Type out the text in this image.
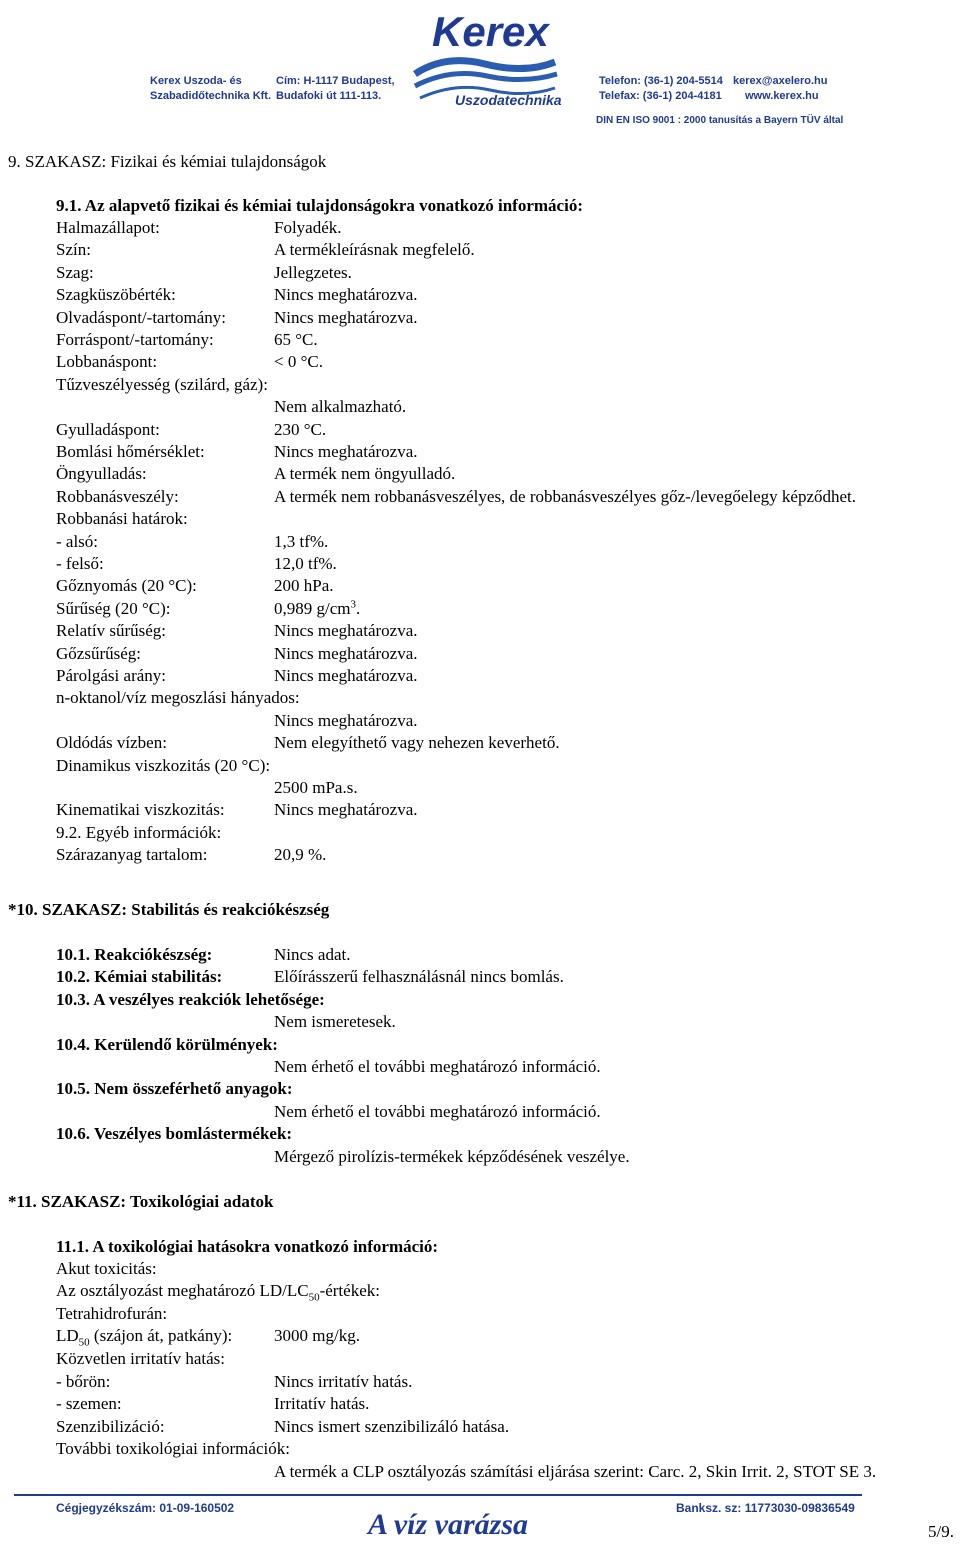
Kerex
Uszodatechnika
Kerex Uszoda- és
Szabadidőtechnika Kft.
Cím: H-1117 Budapest,
Budafoki út 111-113.
Telefon: (36-1) 204-5514
Telefax: (36-1) 204-4181
kerex@axelero.hu
www.kerex.hu
DIN EN ISO 9001 : 2000 tanusítás a Bayern TÜV által
9. SZAKASZ: Fizikai és kémiai tulajdonságok
9.1. Az alapvető fizikai és kémiai tulajdonságokra vonatkozó információ:
Halmazállapot:	Folyadék.
Szín:	A termékleírásnak megfelelő.
Szag:	Jellegzetes.
Szagküszöbérték:	Nincs meghatározva.
Olvadáspont/-tartomány:	Nincs meghatározva.
Forráspont/-tartomány:	65 °C.
Lobbanáspont:	< 0 °C.
Tűzveszélyesség (szilárd, gáz):
Nem alkalmazható.
Gyulladáspont:	230 °C.
Bomlási hőmérséklet:	Nincs meghatározva.
Öngyulladás:	A termék nem öngyulladó.
Robbanásveszély:	A termék nem robbanásveszélyes, de robbanásveszélyes gőz-/levegőelegy képződhet.
Robbanási határok:
- alsó:	1,3 tf%.
- felső:	12,0 tf%.
Gőznyomás (20 °C):	200 hPa.
Sűrűség (20 °C):	0,989 $g/cm^3$.
Relatív sűrűség:	Nincs meghatározva.
Gőzsűrűség:	Nincs meghatározva.
Párolgási arány:	Nincs meghatározva.
n-oktanol/víz megoszlási hányados:
Nincs meghatározva.
Oldódás vízben:	Nem elegyíthető vagy nehezen keverhető.
Dinamikus viszkozitás (20 °C):
2500 mPa.s.
Kinematikai viszkozitás:	Nincs meghatározva.
9.2. Egyéb információk:
Szárazanyag tartalom:	20,9 %.
*10. SZAKASZ: Stabilitás és reakciókészség
10.1. Reakciókészség:	Nincs adat.
10.2. Kémiai stabilitás:	Előírásszerű felhasználásnál nincs bomlás.
10.3. A veszélyes reakciók lehetősége:
Nem ismeretesek.
10.4. Kerülendő körülmények:
Nem érhető el további meghatározó információ.
10.5. Nem összeférhető anyagok:
Nem érhető el további meghatározó információ.
10.6. Veszélyes bomlástermékek:
Mérgező pirolízis-termékek képződésének veszélye.
*11. SZAKASZ: Toxikológiai adatok
11.1. A toxikológiai hatásokra vonatkozó információ:
Akut toxicitás:
Az osztályozást meghatározó $LD/LC_{50}$-értékek:
Tetrahidrofurán:
$LD_{50}$ (szájon át, patkány): 3000 mg/kg.
Közvetlen irritatív hatás:
- bőrön:	Nincs irritatív hatás.
- szemen:	Irritatív hatás.
Szenzibilizáció:	Nincs ismert szenzibilizáló hatása.
További toxikológiai információk:
A termék a CLP osztályozás számítási eljárása szerint: Carc. 2, Skin Irrit. 2, STOT SE 3.
Cégjegyzékszám: 01-09-160502	A víz varázsa	Banksz. sz: 11773030-09836549
5/9.
